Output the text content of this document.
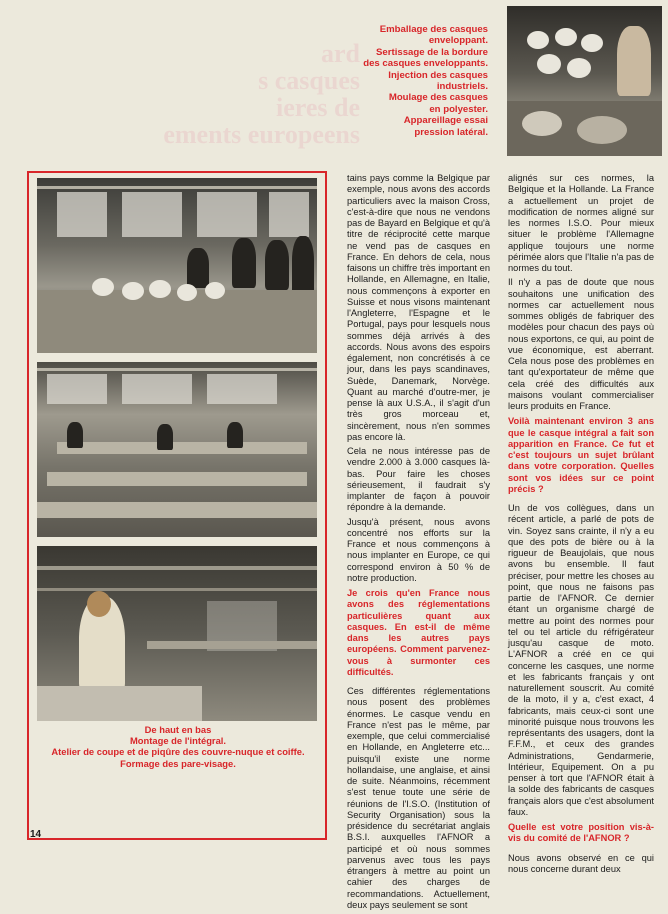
ard
s casques
ieres de
ements europeens
Emballage des casques
enveloppant.
Sertissage de la bordure
des casques enveloppants.
Injection des casques
industriels.
Moulage des casques
en polyester.
Appareillage essai
pression latéral.
De haut en bas
Montage de l'intégral.
Atelier de coupe et de piqûre des couvre-nuque et coiffe.
Formage des pare-visage.

tains pays comme la Belgique par exemple, nous avons des accords particuliers avec la maison Cross, c'est-à-dire que nous ne vendons pas de Bayard en Belgique et qu'à titre de réciprocité cette marque ne vend pas de casques en France. En dehors de cela, nous faisons un chiffre très important en Hollande, en Allemagne, en Italie, nous commençons à exporter en Suisse et nous visons maintenant l'Angleterre, l'Espagne et le Portugal, pays pour lesquels nous sommes déjà arrivés à des accords. Nous avons des espoirs également, non concrétisés à ce jour, dans les pays scandinaves, Suède, Danemark, Norvège. Quant au marché d'outre-mer, je pense là aux U.S.A., il s'agit d'un très gros morceau et, sincèrement, nous n'en sommes pas encore là.

Cela ne nous intéresse pas de vendre 2.000 à 3.000 casques là-bas. Pour faire les choses sérieusement, il faudrait s'y implanter de façon à pouvoir répondre à la demande.

Jusqu'à présent, nous avons concentré nos efforts sur la France et nous commençons à nous implanter en Europe, ce qui correspond environ à 50 % de notre production.

Je crois qu'en France nous avons des réglementations particulières quant aux casques. En est-il de même dans les autres pays européens. Comment parvenez-vous à surmonter ces difficultés.

Ces différentes réglementations nous posent des problèmes énormes. Le casque vendu en France n'est pas le même, par exemple, que celui commercialisé en Hollande, en Angleterre etc... puisqu'il existe une norme hollandaise, une anglaise, et ainsi de suite. Néanmoins, récemment s'est tenue toute une série de réunions de l'I.S.O. (Institution of Security Organisation) sous la présidence du secrétariat anglais B.S.I. auxquelles l'AFNOR a participé et où nous sommes parvenus avec tous les pays étrangers à mettre au point un cahier des charges de recommandations. Actuellement, deux pays seulement se sont

alignés sur ces normes, la Belgique et la Hollande. La France a actuellement un projet de modification de normes aligné sur les normes I.S.O. Pour mieux situer le problème l'Allemagne applique toujours une norme périmée alors que l'Italie n'a pas de normes du tout.

Il n'y a pas de doute que nous souhaitons une unification des normes car actuellement nous sommes obligés de fabriquer des modèles pour chacun des pays où nous exportons, ce qui, au point de vue économique, est aberrant. Cela nous pose des problèmes en tant qu'exportateur de même que cela créé des difficultés aux maisons voulant commercialiser leurs produits en France.

Voilà maintenant environ 3 ans que le casque intégral a fait son apparition en France. Ce fut et c'est toujours un sujet brûlant dans votre corporation. Quelles sont vos idées sur ce point précis ?

Un de vos collègues, dans un récent article, a parlé de pots de vin. Soyez sans crainte, il n'y a eu que des pots de bière ou à la rigueur de Beaujolais, que nous avons bu ensemble. Il faut préciser, pour mettre les choses au point, que nous ne faisons pas partie de l'AFNOR. Ce dernier étant un organisme chargé de mettre au point des normes pour tel ou tel article du réfrigérateur jusqu'au casque de moto. L'AFNOR a créé en ce qui concerne les casques, une norme et les fabricants français y ont naturellement souscrit. Au comité de la moto, il y a, c'est exact, 4 fabricants, mais ceux-ci sont une minorité puisque nous trouvons les représentants des usagers, dont la F.F.M., et ceux des grandes Administrations, Gendarmerie, Intérieur, Equipement. On a pu penser à tort que l'AFNOR était à la solde des fabricants de casques français alors que c'est absolument faux.

Quelle est votre position vis-à-vis du comité de l'AFNOR ?

Nous avons observé en ce qui nous concerne durant deux

14
